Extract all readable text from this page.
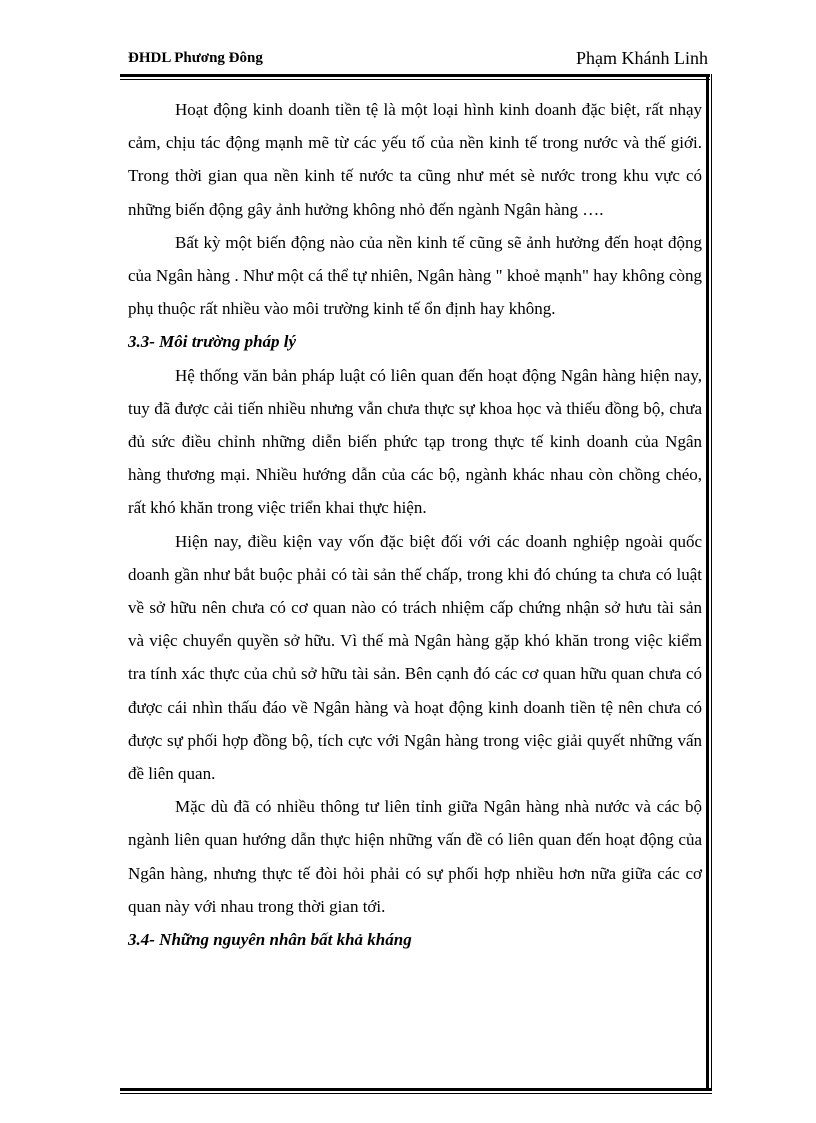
ĐHDL Phương Đông	Phạm Khánh Linh

Hoạt động kinh doanh tiền tệ là một loại hình kinh doanh đặc biệt, rất nhạy cảm, chịu tác động mạnh mẽ từ các yếu tố của nền kinh tế trong nước và thế giới. Trong thời gian qua nền kinh tế nước ta cũng như mét sè nước trong khu vực có những biến động gây ảnh hưởng không nhỏ đến ngành Ngân hàng ….

Bất kỳ một biến động nào của nền kinh tế cũng sẽ ảnh hưởng đến hoạt động của Ngân hàng . Như một cá thể tự nhiên, Ngân hàng " khoẻ mạnh" hay không còng phụ thuộc rất nhiều vào môi trường kinh tế ổn định hay không.

3.3- Môi trường pháp lý

Hệ thống văn bản pháp luật có liên quan đến hoạt động Ngân hàng hiện nay, tuy đã được cải tiến nhiều nhưng vẫn chưa thực sự khoa học và thiếu đồng bộ, chưa đủ sức điều chỉnh những diễn biến phức tạp trong thực tế kinh doanh của Ngân hàng thương mại. Nhiều hướng dẫn của các bộ, ngành khác nhau còn chồng chéo, rất khó khăn trong việc triển khai thực hiện.

Hiện nay, điều kiện vay vốn đặc biệt đối với các doanh nghiệp ngoài quốc doanh gần như bắt buộc phải có tài sản thế chấp, trong khi đó chúng ta chưa có luật về sở hữu nên chưa có cơ quan nào có trách nhiệm cấp chứng nhận sở hưu tài sản và việc chuyển quyền sở hữu. Vì thế mà Ngân hàng gặp khó khăn trong việc kiểm tra tính xác thực của chủ sở hữu tài sản. Bên cạnh đó các cơ quan hữu quan chưa có được cái nhìn thấu đáo về Ngân hàng và hoạt động kinh doanh tiền tệ nên chưa có được sự phối hợp đồng bộ, tích cực với Ngân hàng trong việc giải quyết những vấn đề liên quan.

Mặc dù đã có nhiều thông tư liên tỉnh giữa Ngân hàng nhà nước và các bộ ngành liên quan hướng dẫn thực hiện những vấn đề có liên quan đến hoạt động của Ngân hàng, nhưng thực tế đòi hỏi phải có sự phối hợp nhiều hơn nữa giữa các cơ quan này với nhau trong thời gian tới.

3.4- Những nguyên nhân bất khả kháng
